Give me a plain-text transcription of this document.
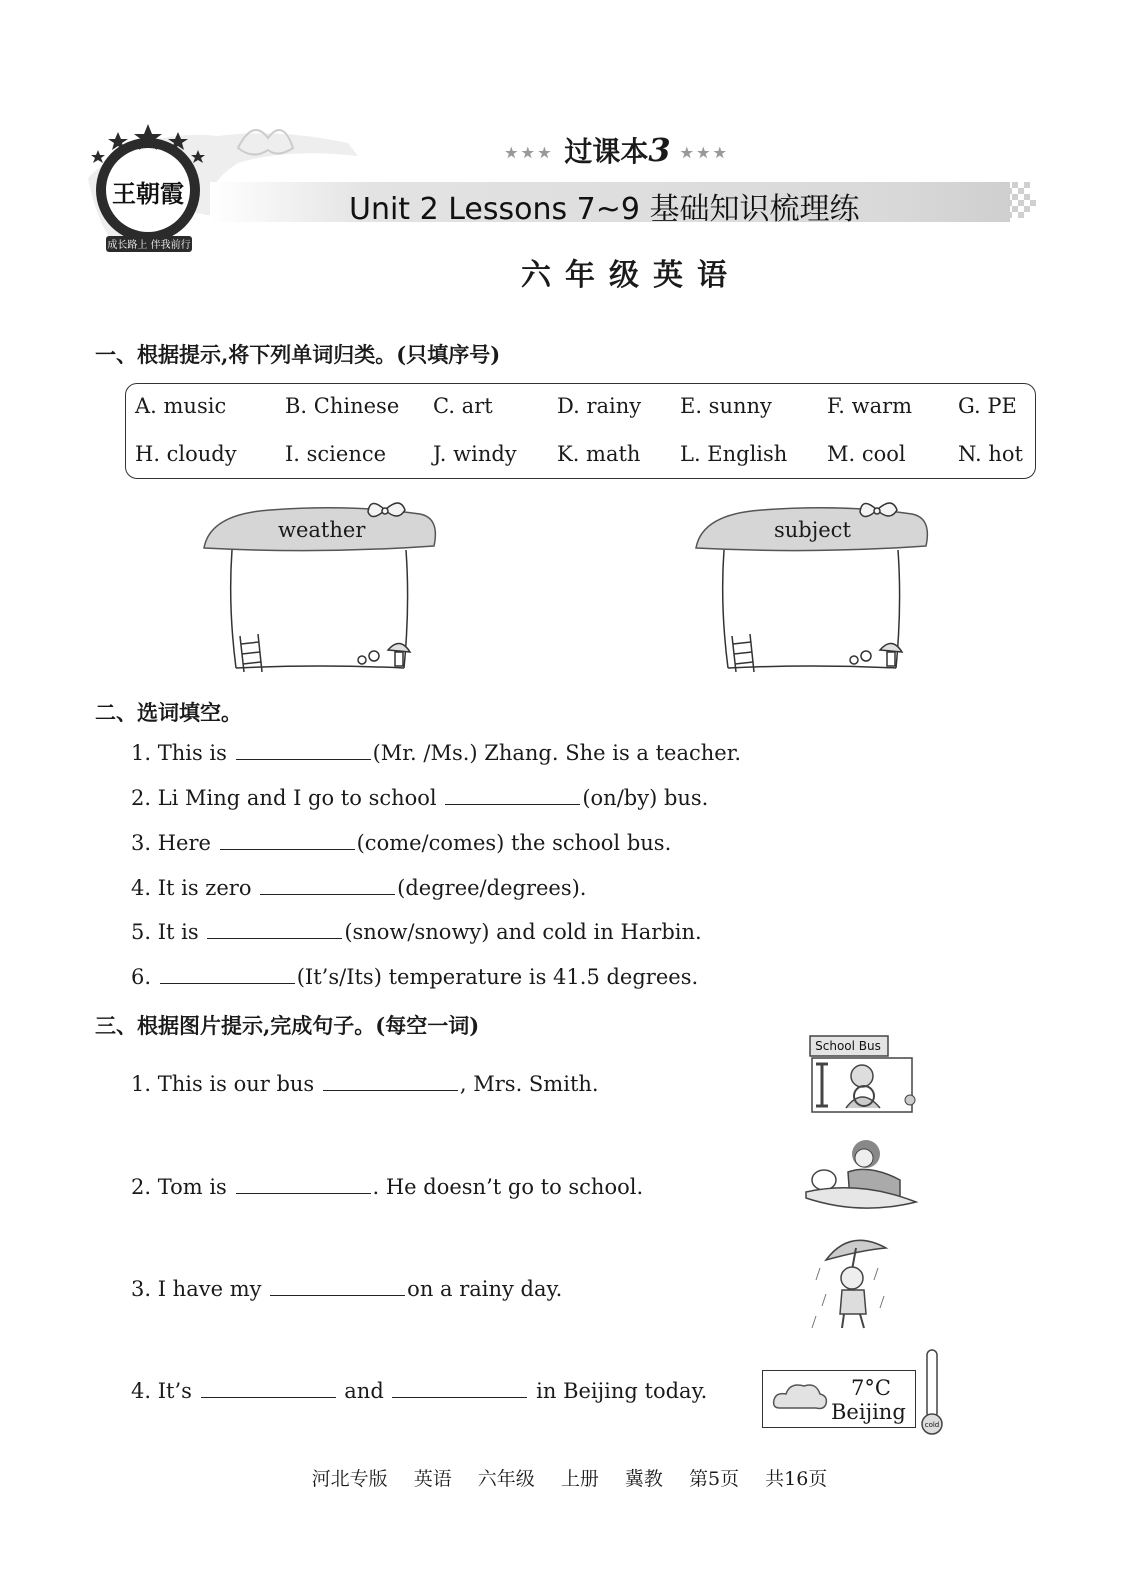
王朝霞
成长路上 伴我前行
★★★ 过课本3 ★★★
Unit 2 Lessons 7~9 基础知识梳理练
六年级英语
一、根据提示,将下列单词归类。(只填序号)
A. music	B. Chinese C. art	D. rainy E. sunny	F. warm G. PE
H. cloudy I. science J. windy K. math L. English M. cool N. hot
weather	subject
二、选词填空。
1. This is	(Mr. /Ms.) Zhang. She is a teacher.
2. Li Ming and I go to school	(on/by) bus.
3. Here	(come/comes) the school bus.
4. It is zero	(degree/degrees).
5. It is	(snow/snowy) and cold in Harbin.
6.	(It’s/Its) temperature is 41.5 degrees.
三、根据图片提示,完成句子。(每空一词)
1. This is our bus	, Mrs. Smith.
2. Tom is	. He doesn’t go to school.
3. I have my	on a rainy day.
4. It’s	and	in Beijing today.
School Bus
7°C
Beijing
cold
河北专版 英语 六年级 上册 冀教 第5页 共16页
